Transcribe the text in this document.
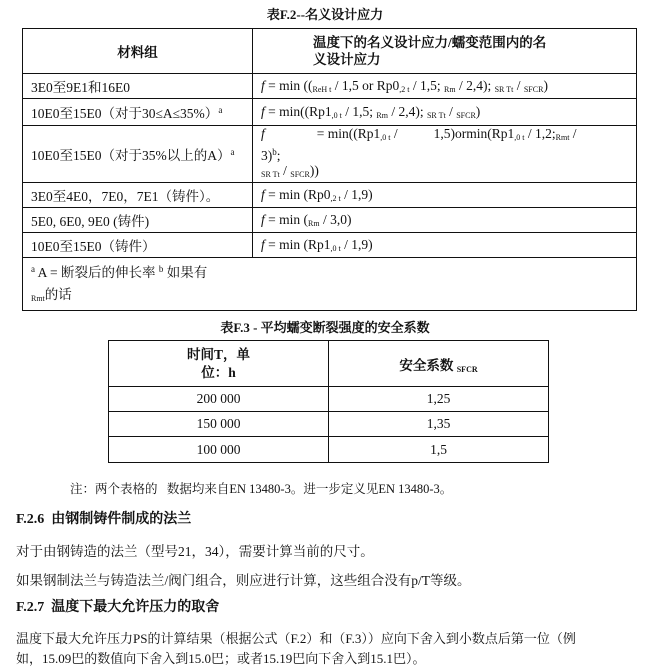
表F.2--名义设计应力
材料组	温度下的名义设计应力/蠕变范围内的名
义设计应力

3E0至9E1和16E0	$f = \min ((_{ReH t} / 1,5$ or $Rp0_{,2 t} / 1,5$; $_{Rm}$ / 2,4); $_{SR Tt}$ / $_{SFCR}$)
10E0至15E0（对于30≤A≤35%）$^a$	$f = \min((Rp1_{,0 t} / 1,5$; $_{Rm}$ / 2,4); $_{SR Tt}$ / $_{SFCR}$)
10E0至15E0（对于35%以上的A）$^a$	$f = \min((Rp1_{,0 t} / 1,5)ormin(Rp1_{,0 t}$ / $1,2;_{Rmt}$ /
3)$^b$;
$_{SR Tt}$ / $_{SFCR}$))

3E0至4E0，7E0，7E1（铸件）。	$f = \min (Rp0_{,2 t} / 1,9)$
5E0, 6E0, 9E0 (铸件)	$f = \min (_{Rm} / 3,0)$
10E0至15E0（铸件）	$f = \min (Rp1_{,0 t} / 1,9)$

$^a$ A = 断裂后的伸长率 $^b$ 如果有
$_{Rmt}$的话	
表F.3 - 平均蠕变断裂强度的安全系数
时间T，单
位：h	安全系数 $_{SFCR}$
200 000	1,25
150 000	1,35
100 000	1,5
注：两个表格的   数据均来自EN 13480-3。进一步定义见EN 13480-3。
F.2.6  由钢制铸件制成的法兰
对于由钢铸造的法兰（型号21，34），需要计算当前的尺寸。
如果钢制法兰与铸造法兰/阀门组合，则应进行计算，这些组合没有p/T等级。
F.2.7  温度下最大允许压力的取舍
温度下最大允许压力PS的计算结果（根据公式（F.2）和（F.3））应向下舍入到小数点后第一位（例
如，15.09巴的数值向下舍入到15.0巴；或者15.19巴向下舍入到15.1巴）。
